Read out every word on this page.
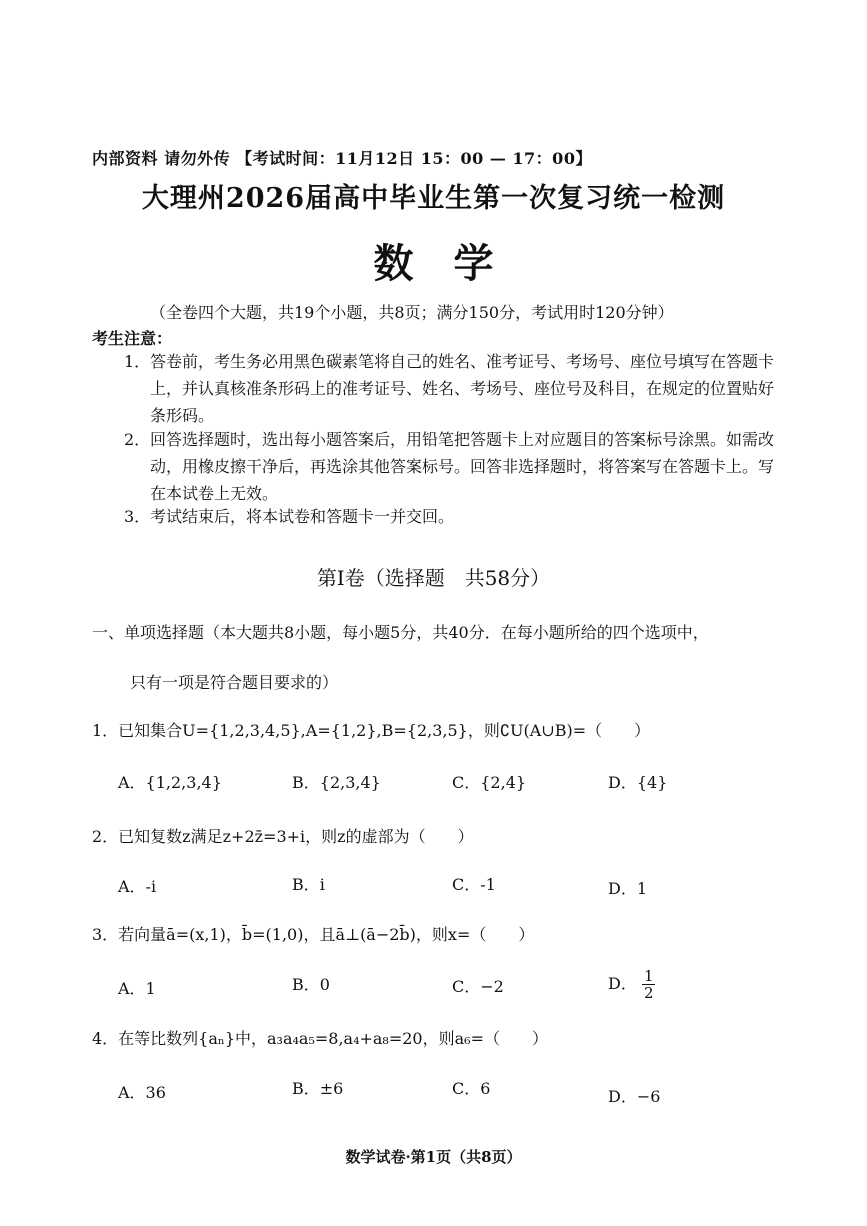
内部资料 请勿外传 【考试时间：11月12日 15：00 — 17：00】
大理州2026届高中毕业生第一次复习统一检测
数学
（全卷四个大题，共19个小题，共8页；满分150分，考试用时120分钟）
考生注意：
1． 答卷前，考生务必用黑色碳素笔将自己的姓名、准考证号、考场号、座位号填写在答题卡上，并认真核准条形码上的准考证号、姓名、考场号、座位号及科目，在规定的位置贴好条形码。
2． 回答选择题时，选出每小题答案后，用铅笔把答题卡上对应题目的答案标号涂黑。如需改动，用橡皮擦干净后，再选涂其他答案标号。回答非选择题时，将答案写在答题卡上。写在本试卷上无效。
3． 考试结束后，将本试卷和答题卡一并交回。
第Ⅰ卷（选择题　共58分）
一、单项选择题（本大题共8小题，每小题5分，共40分．在每小题所给的四个选项中，
只有一项是符合题目要求的）
1．已知集合U={1,2,3,4,5},A={1,2},B={2,3,5}，则∁U(A∪B)=（　　）
A．{1,2,3,4}	B．{2,3,4}	C．{2,4}	D．{4}
2．已知复数z满足z+2z̄=3+i，则z的虚部为（　　）
A．-i	B．i	C．-1	D．1
3．若向量ā=(x,1)，b̄=(1,0)，且ā⊥(ā−2b̄)，则x=（　　）
A．1	B．0	C．−2	D． $\frac{1}{2}$
4．在等比数列{aₙ}中，a₃a₄a₅=8,a₄+a₈=20，则a₆=（　　）
A．36	B．±6	C．6	D．−6
数学试卷·第1页（共8页）
